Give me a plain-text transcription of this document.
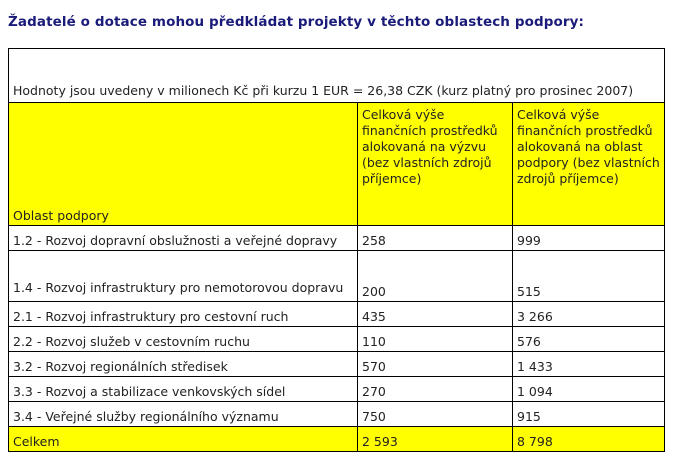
Žadatelé o dotace mohou předkládat projekty v těchto oblastech podpory:
Hodnoty jsou uvedeny v milionech Kč při kurzu 1 EUR = 26,38 CZK (kurz platný pro prosinec 2007)		
Oblast podpory	Celková výše finančních prostředků alokovaná na výzvu (bez vlastních zdrojů příjemce)	Celková výše finančních prostředků alokovaná na oblast podpory (bez vlastních zdrojů příjemce)
1.2 - Rozvoj dopravní obslužnosti a veřejné dopravy	258	999
1.4 - Rozvoj infrastruktury pro nemotorovou dopravu	200	515
2.1 - Rozvoj infrastruktury pro cestovní ruch	435	3 266
2.2 - Rozvoj služeb v cestovním ruchu	110	576
3.2 - Rozvoj regionálních středisek	570	1 433
3.3 - Rozvoj a stabilizace venkovských sídel	270	1 094
3.4 - Veřejné služby regionálního významu	750	915
Celkem	2 593	8 798
